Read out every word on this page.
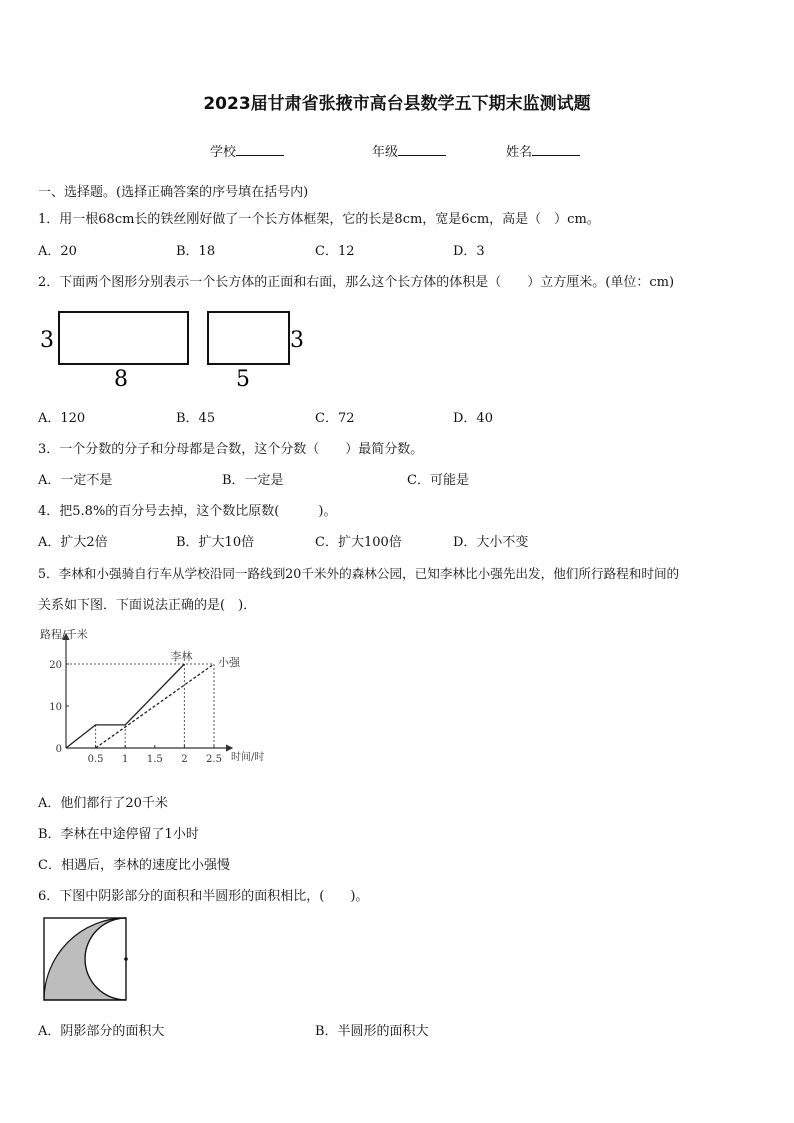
2023届甘肃省张掖市高台县数学五下期末监测试题
学校	年级	姓名
一、选择题。(选择正确答案的序号填在括号内)
1．用一根68cm长的铁丝刚好做了一个长方体框架，它的长是8cm，宽是6cm，高是（　）cm。
A．20	B．18	C．12	D．3
2．下面两个图形分别表示一个长方体的正面和右面，那么这个长方体的体积是（　　）立方厘米。(单位：cm)
3
8
3
5
A．120	B．45	C．72	D．40
3．一个分数的分子和分母都是合数，这个分数（　　）最简分数。
A．一定不是	B．一定是	C．可能是
4．把5.8%的百分号去掉，这个数比原数(　　　)。
A．扩大2倍	B．扩大10倍	C．扩大100倍	D．大小不变
5．李林和小强骑自行车从学校沿同一路线到20千米外的森林公园，已知李林比小强先出发，他们所行路程和时间的
关系如下图．下面说法正确的是(　)．
路程/千米
时间/时
0.5 1 1.5 2 2.5
0
10
20
李林 小强
A．他们都行了20千米
B．李林在中途停留了1小时
C．相遇后，李林的速度比小强慢
6．下图中阴影部分的面积和半圆形的面积相比，(　　)。
A．阴影部分的面积大	B．半圆形的面积大
